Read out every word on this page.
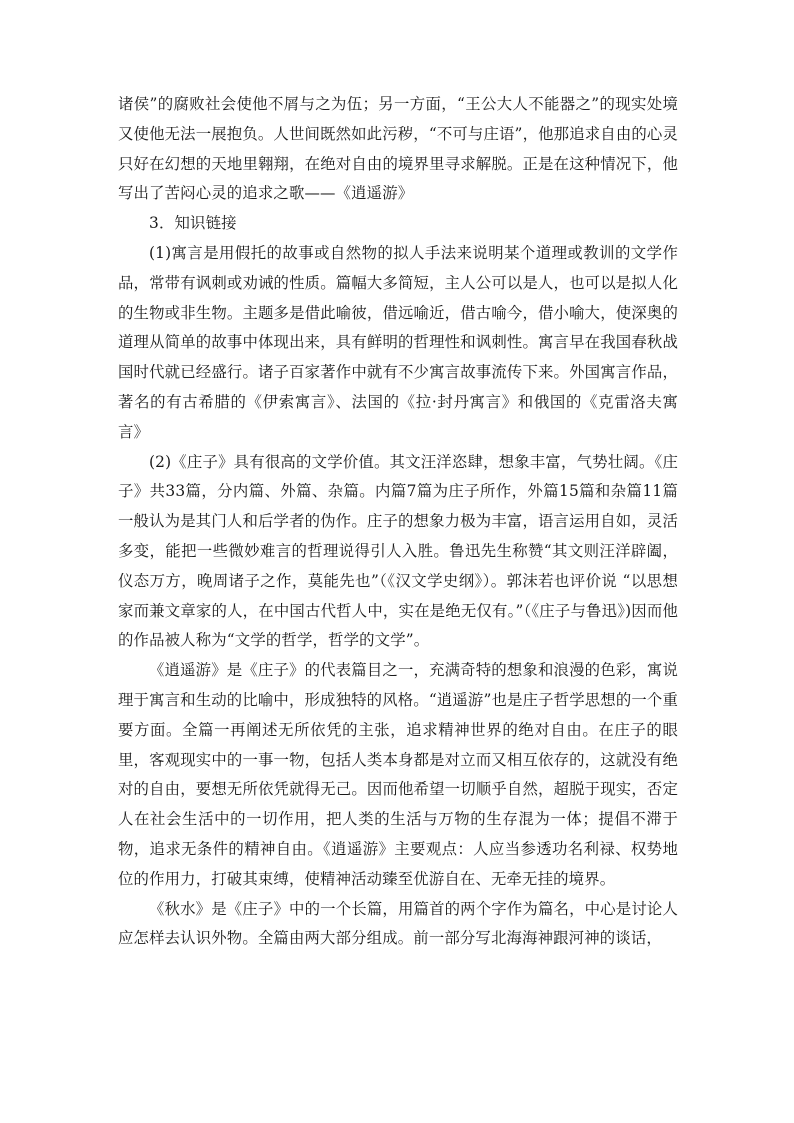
诸侯”的腐败社会使他不屑与之为伍；另一方面，“王公大人不能器之”的现实处境又使他无法一展抱负。人世间既然如此污秽，“不可与庄语”，他那追求自由的心灵只好在幻想的天地里翱翔，在绝对自由的境界里寻求解脱。正是在这种情况下，他写出了苦闷心灵的追求之歌——《逍遥游》

3．知识链接

(1)寓言是用假托的故事或自然物的拟人手法来说明某个道理或教训的文学作品，常带有讽刺或劝诫的性质。篇幅大多简短，主人公可以是人，也可以是拟人化的生物或非生物。主题多是借此喻彼，借远喻近，借古喻今，借小喻大，使深奥的道理从简单的故事中体现出来，具有鲜明的哲理性和讽刺性。寓言早在我国春秋战国时代就已经盛行。诸子百家著作中就有不少寓言故事流传下来。外国寓言作品，著名的有古希腊的《伊索寓言》、法国的《拉·封丹寓言》和俄国的《克雷洛夫寓言》

(2)《庄子》具有很高的文学价值。其文汪洋恣肆，想象丰富，气势壮阔。《庄子》共33篇，分内篇、外篇、杂篇。内篇7篇为庄子所作，外篇15篇和杂篇11篇一般认为是其门人和后学者的伪作。庄子的想象力极为丰富，语言运用自如，灵活多变，能把一些微妙难言的哲理说得引人入胜。鲁迅先生称赞“其文则汪洋辟阖，仪态万方，晚周诸子之作，莫能先也”（《汉文学史纲》）。郭沫若也评价说 “以思想家而兼文章家的人，在中国古代哲人中，实在是绝无仅有。”（《庄子与鲁迅》)因而他的作品被人称为“文学的哲学，哲学的文学”。

《逍遥游》是《庄子》的代表篇目之一，充满奇特的想象和浪漫的色彩，寓说理于寓言和生动的比喻中，形成独特的风格。“逍遥游”也是庄子哲学思想的一个重要方面。全篇一再阐述无所依凭的主张，追求精神世界的绝对自由。在庄子的眼里，客观现实中的一事一物，包括人类本身都是对立而又相互依存的，这就没有绝对的自由，要想无所依凭就得无己。因而他希望一切顺乎自然，超脱于现实，否定人在社会生活中的一切作用，把人类的生活与万物的生存混为一体；提倡不滞于物，追求无条件的精神自由。《逍遥游》主要观点：人应当参透功名利禄、权势地位的作用力，打破其束缚，使精神活动臻至优游自在、无牵无挂的境界。

《秋水》是《庄子》中的一个长篇，用篇首的两个字作为篇名，中心是讨论人应怎样去认识外物。全篇由两大部分组成。前一部分写北海海神跟河神的谈话，
